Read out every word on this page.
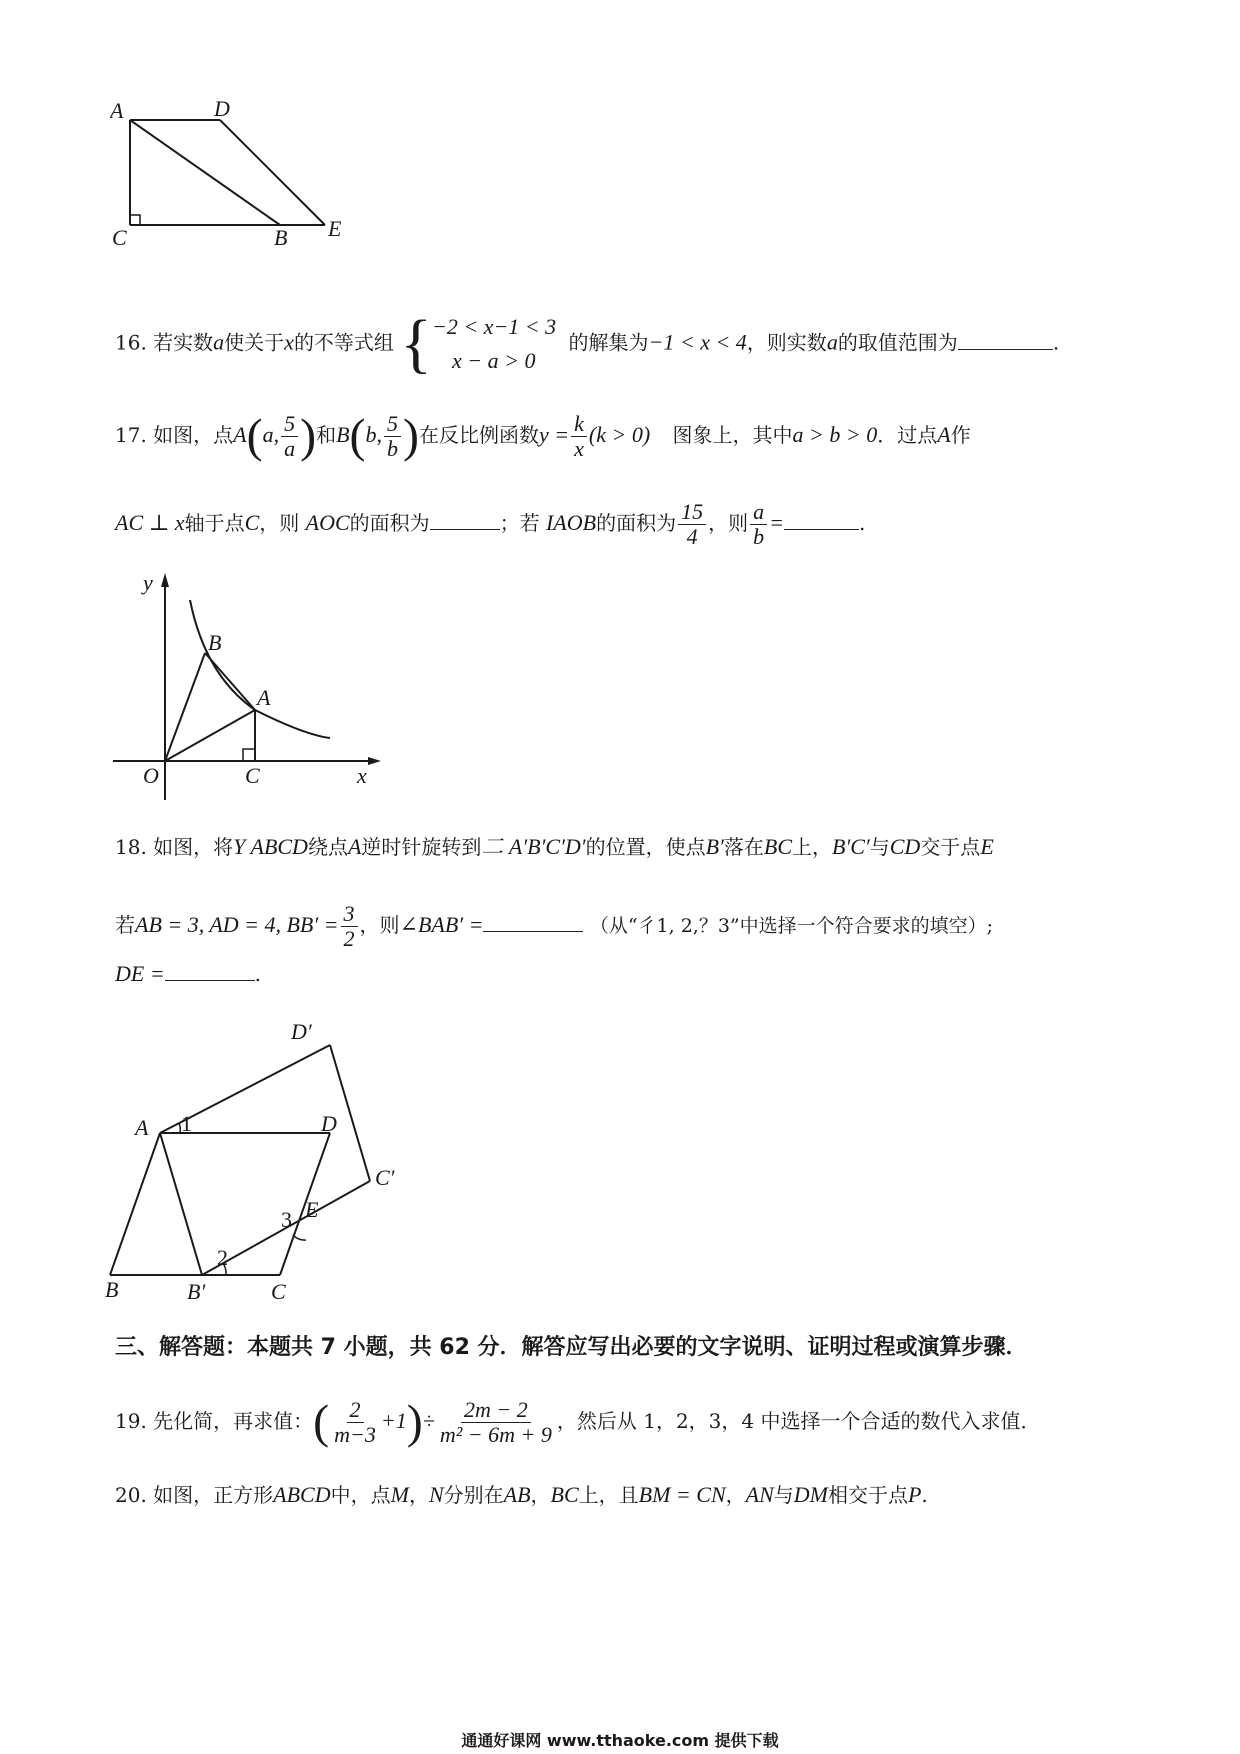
A	D
C	B E
16. 若实数a使关于x的不等式组 { −2 < x−1 < 3
x − a > 0
的解集为−1 < x < 4，则实数a的取值范围为	.
17. 如图，点A(a, $\frac{5}{a}$ )和B(b, $\frac{5}{b}$ )在反比例函数$y = \frac{k}{x} (k > 0)$ 图象上，其中a > b > 0．过点A作
AC ⊥ x轴于点C，则 AOC的面积为	；若 ΙAOB的面积为 $\frac{15}{4}$ ，则 $\frac{a}{b}$ =	.
y
B
A
O	C	x
18. 如图，将Y ABCD绕点A逆时针旋转到⼆ A′B′C′D′的位置，使点B′落在BC上，B′C′与CD交于点E
若AB = 3, AD = 4, $BB' = \frac{3}{2}$ ，则∠BAB′ =	（从“彳1, 2,？3”中选择一个符合要求的填空）;
DE =	.
D′
A 1	D
C′
E
3
2
B	B′	C
三、解答题：本题共 7 小题，共 62 分．解答应写出必要的文字说明、证明过程或演算步骤．
19. 先化简，再求值：( $\frac{2}{m-3} +1)\div \frac{2m - 2}{\text{m² − 6m + 9}}$ ，然后从 1，2，3，4 中选择一个合适的数代入求值．
20. 如图，正方形ABCD中，点M，N分别在AB，BC上，且BM = CN，AN与DM相交于点P.
通通好课网 www.tthaoke.com 提供下载
